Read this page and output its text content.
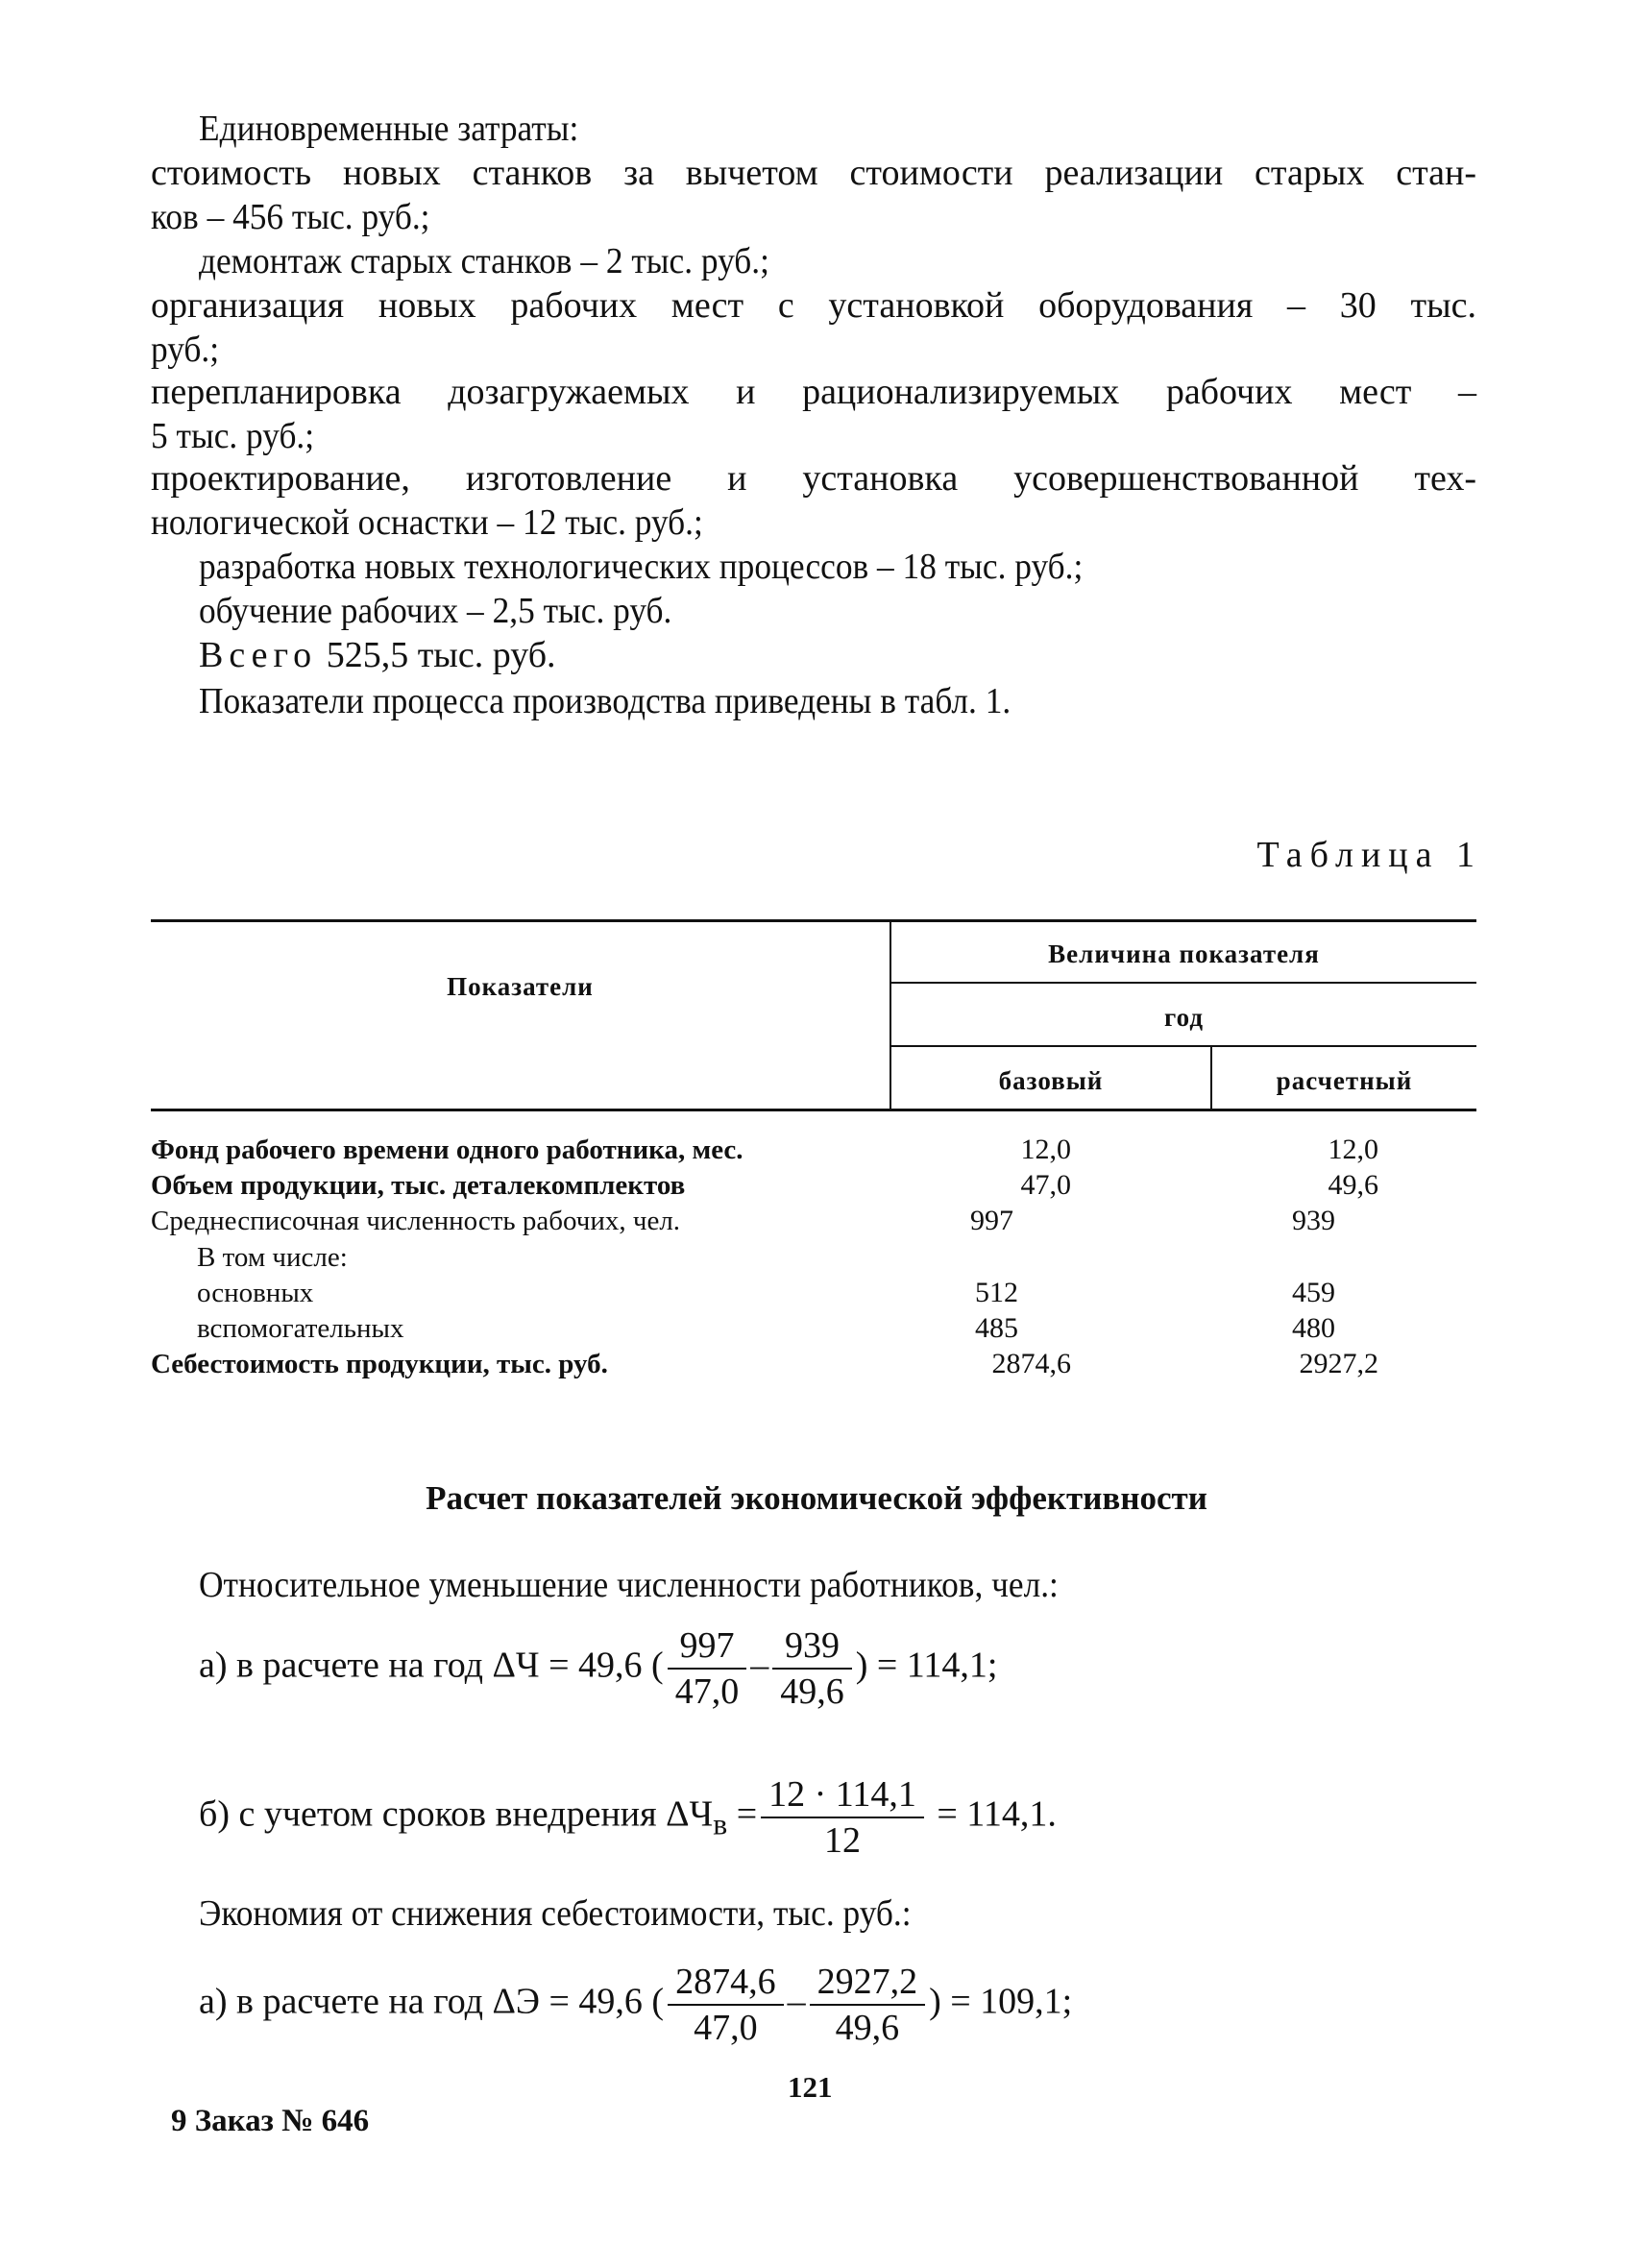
Единовременные затраты:
стоимость новых станков за вычетом стоимости реализации старых стан-
ков – 456 тыс. руб.;
демонтаж старых станков – 2 тыс. руб.;
организация новых рабочих мест с установкой оборудования – 30 тыс.
руб.;
перепланировка дозагружаемых и рационализируемых рабочих мест –
5 тыс. руб.;
проектирование, изготовление и установка усовершенствованной тех-
нологической оснастки – 12 тыс. руб.;
разработка новых технологических процессов – 18 тыс. руб.;
обучение рабочих – 2,5 тыс. руб.
Всего 525,5 тыс. руб.
Показатели процесса производства приведены в табл. 1.
Таблица 1
Показатели
Величина показателя
год
базовый	расчетный
Фонд рабочего времени одного работника, мес.	12,0	12,0
Объем продукции, тыс. деталекомплектов	47,0	49,6
Среднесписочная численность рабочих, чел.	997	939
В том числе:
основных	512	459
вспомогательных	485	480
Себестоимость продукции, тыс. руб.	2874,6	2927,2
Расчет показателей экономической эффективности
Относительное уменьшение численности работников, чел.:
а) в расчете на год ΔЧ = 49,6 ( $\frac{997}{47,0} - \frac{939}{49,6}$ ) = 114,1;
б) с учетом сроков внедрения $\Delta Ч_в = \frac{12 \cdot 114,1}{12} = 114,1$.
Экономия от снижения себестоимости, тыс. руб.:
а) в расчете на год ΔЭ = 49,6 ( $\frac{2874,6}{47,0} - \frac{2927,2}{49,6}$ ) = 109,1;
121
9 Заказ № 646
